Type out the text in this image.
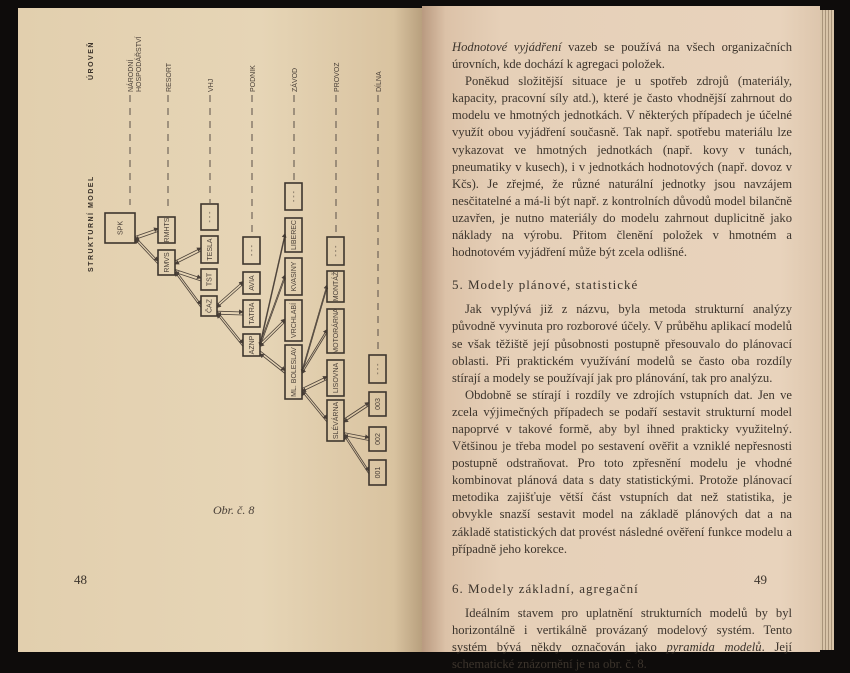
NÁRODNÍ HOSPODÁŘSTVÍ	RESORT	VHJ	PODNIK	ZÁVOD	PROVOZ	DÍLNA
SPK	RMHTS
RMVS
- - -
TESLA
TST
ČAZ
- - -
AVIA
TATRA
AZNP
- - -
LIBEREC
KVASINY
VRCHLABÍ
ML. BOLESLAV
- - -
MONTÁŽ
MOTORÁRNA
LISOVNA
SLÉVÁRNA
- - -
003
002
001
ÚROVEŇ
STRUKTURNÍ MODEL
Obr. č. 8
48	49

Hodnotové vyjádření vazeb se používá na všech organizačních úrovních, kde dochází k agregaci položek.

Poněkud složitější situace je u spotřeb zdrojů (materiály, kapacity, pracovní síly atd.), které je často vhodnější zahrnout do modelu ve hmotných jednotkách. V některých případech je účelné využít obou vyjádření současně. Tak např. spotřebu materiálu lze vykazovat ve hmotných jednotkách (např. kovy v tunách, pneumatiky v kusech), i v jednotkách hodnotových (např. dovoz v Kčs). Je zřejmé, že různé naturální jednotky jsou navzájem nesčitatelné a má-li být např. z kontrolních důvodů model bilančně uzavřen, je nutno materiály do modelu zahrnout duplicitně jako náklady na výrobu. Přitom členění položek v hmotném a hodnotovém vyjádření může být zcela odlišné.

5. Modely plánové, statistické

Jak vyplývá již z názvu, byla metoda strukturní analýzy původně vyvinuta pro rozborové účely. V průběhu aplikací modelů se však těžiště její působnosti postupně přesouvalo do plánovací oblasti. Při praktickém využívání modelů se často oba rozdíly stírají a modely se používají jak pro plánování, tak pro analýzu.

Obdobně se stírají i rozdíly ve zdrojích vstupních dat. Jen ve zcela výjimečných případech se podaří sestavit strukturní model napoprvé v takové formě, aby byl ihned prakticky využitelný. Většinou je třeba model po sestavení ověřit a vzniklé nepřesnosti postupně odstraňovat. Pro toto zpřesnění modelu je vhodné kombinovat plánová data s daty statistickými. Protože plánovací metodika zajišťuje větší část vstupních dat než statistika, je obvykle snazší sestavit model na základě plánových dat a na základě statistických dat provést následné ověření funkce modelu a případně jeho korekce.

6. Modely základní, agregační

Ideálním stavem pro uplatnění strukturních modelů by byl horizontálně i vertikálně provázaný modelový systém. Tento systém bývá někdy označován jako pyramida modelů. Její schematické znázornění je na obr. č. 8.
